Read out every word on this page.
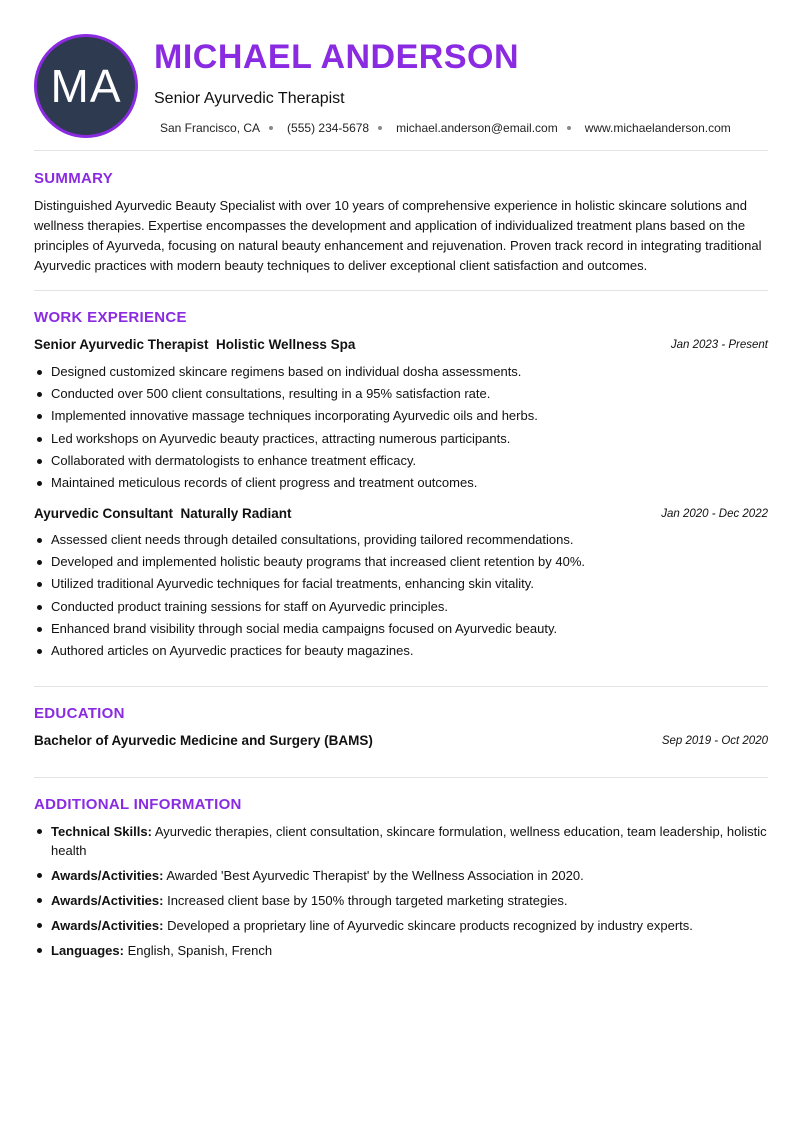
MA
MICHAEL ANDERSON
Senior Ayurvedic Therapist
San Francisco, CA (555) 234-5678 michael.anderson@email.com www.michaelanderson.com
SUMMARY
Distinguished Ayurvedic Beauty Specialist with over 10 years of comprehensive experience in holistic skincare solutions and wellness therapies. Expertise encompasses the development and application of individualized treatment plans based on the principles of Ayurveda, focusing on natural beauty enhancement and rejuvenation. Proven track record in integrating traditional Ayurvedic practices with modern beauty techniques to deliver exceptional client satisfaction and outcomes.
WORK EXPERIENCE
Senior Ayurvedic Therapist  Holistic Wellness Spa	Jan 2023 - Present
Designed customized skincare regimens based on individual dosha assessments.
Conducted over 500 client consultations, resulting in a 95% satisfaction rate.
Implemented innovative massage techniques incorporating Ayurvedic oils and herbs.
Led workshops on Ayurvedic beauty practices, attracting numerous participants.
Collaborated with dermatologists to enhance treatment efficacy.
Maintained meticulous records of client progress and treatment outcomes.
Ayurvedic Consultant  Naturally Radiant	Jan 2020 - Dec 2022
Assessed client needs through detailed consultations, providing tailored recommendations.
Developed and implemented holistic beauty programs that increased client retention by 40%.
Utilized traditional Ayurvedic techniques for facial treatments, enhancing skin vitality.
Conducted product training sessions for staff on Ayurvedic principles.
Enhanced brand visibility through social media campaigns focused on Ayurvedic beauty.
Authored articles on Ayurvedic practices for beauty magazines.
EDUCATION
Bachelor of Ayurvedic Medicine and Surgery (BAMS)	Sep 2019 - Oct 2020
ADDITIONAL INFORMATION
Technical Skills: Ayurvedic therapies, client consultation, skincare formulation, wellness education, team leadership, holistic health
Awards/Activities: Awarded 'Best Ayurvedic Therapist' by the Wellness Association in 2020.
Awards/Activities: Increased client base by 150% through targeted marketing strategies.
Awards/Activities: Developed a proprietary line of Ayurvedic skincare products recognized by industry experts.
Languages: English, Spanish, French
